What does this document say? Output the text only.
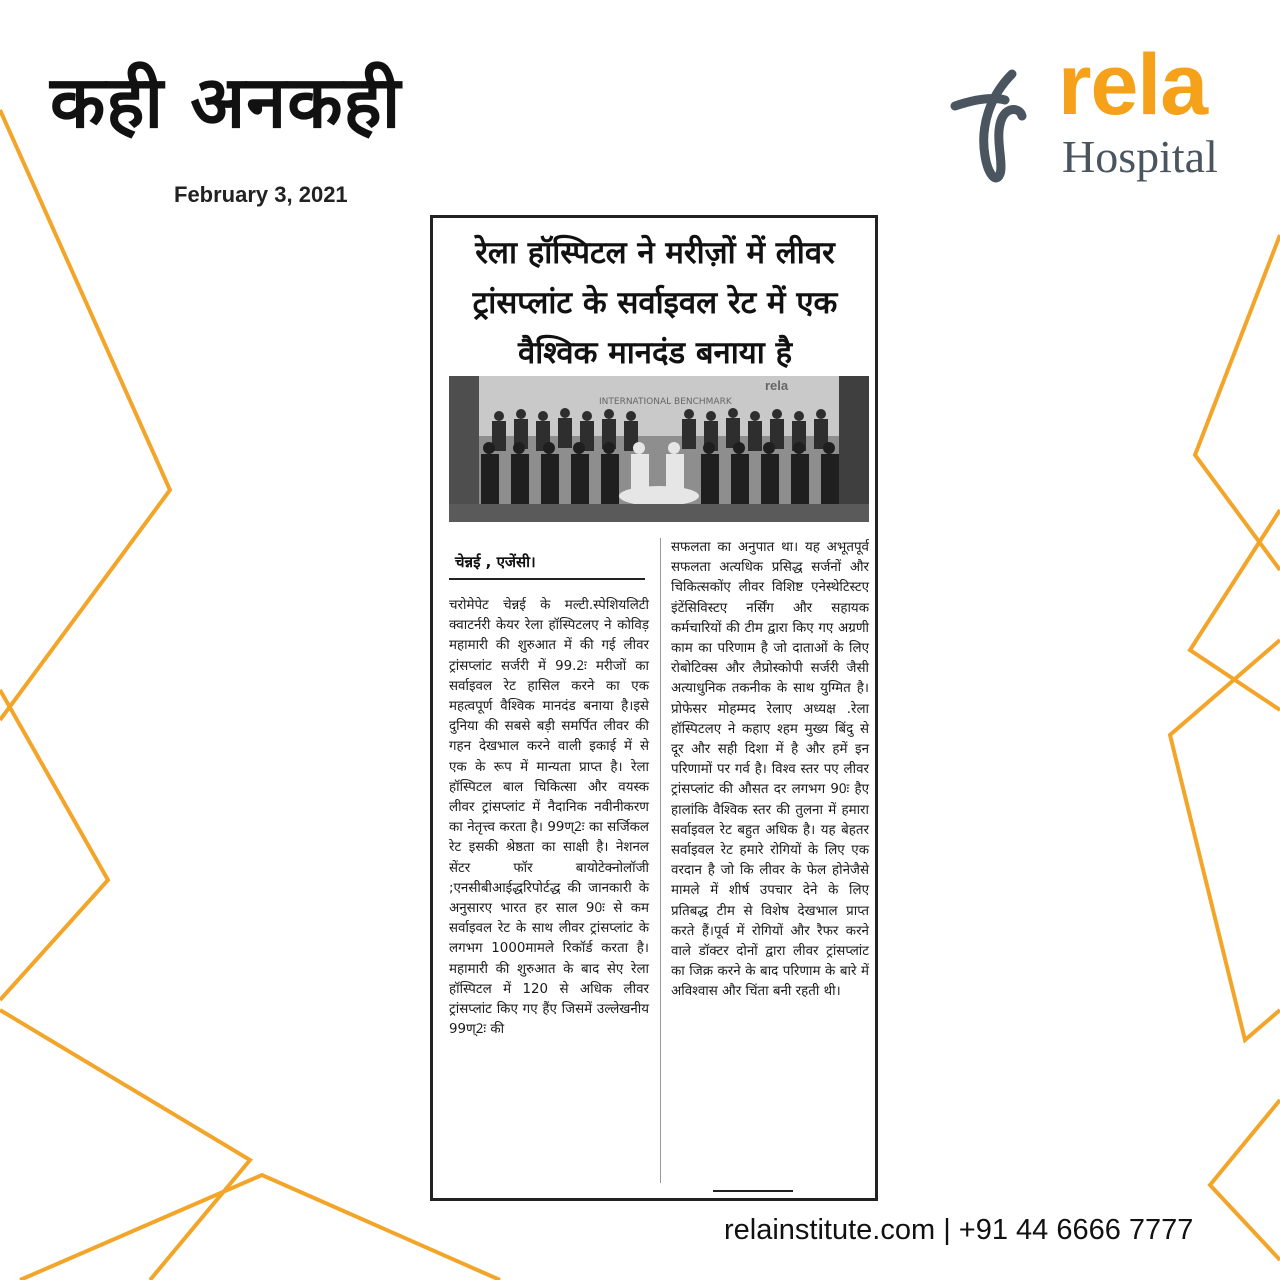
कही अनकही
February 3, 2021
rela
Hospital
रेला हॉस्पिटल ने मरीज़ों में लीवर ट्रांसप्लांट के सर्वाइवल रेट में एक वैश्विक मानदंड बनाया है
INTERNATIONAL BENCHMARK
rela
चेन्नई , एजेंसी।
चरोमेपेट चेन्नई के मल्टी.स्पेशियलिटी क्वाटर्नरी केयर रेला हॉस्पिटलए ने कोविड़ महामारी की शुरुआत में की गई लीवर ट्रांसप्लांट सर्जरी में 99.2ः मरीजों का सर्वाइवल रेट हासिल करने का एक महत्वपूर्ण वैश्विक मानदंड बनाया है।इसे दुनिया की सबसे बड़ी समर्पित लीवर की गहन देखभाल करने वाली इकाई में से एक के रूप में मान्यता प्राप्त है। रेला हॉस्पिटल बाल चिकित्सा और वयस्क लीवर ट्रांसप्लांट में नैदानिक नवीनीकरण का नेतृत्त्व करता है। 99ण्2ः का सर्जिकल रेट इसकी श्रेष्ठता का साक्षी है। नेशनल सेंटर फॉर बायोटेक्नोलॉजी ;एनसीबीआईद्धरिपोर्टद्ध की जानकारी के अनुसारए भारत हर साल 90ः से कम सर्वाइवल रेट के साथ लीवर ट्रांसप्लांट के लगभग 1000मामले रिकॉर्ड करता है। महामारी की शुरुआत के बाद सेए रेला हॉस्पिटल में 120 से अधिक लीवर ट्रांसप्लांट किए गए हैंए जिसमें उल्लेखनीय 99ण्2ः की
सफलता का अनुपात था। यह अभूतपूर्व सफलता अत्यधिक प्रसिद्ध सर्जनों और चिकित्सकोंए लीवर विशिष्ट एनेस्थेटिस्टए इंटेंसिविस्टए नर्सिंग और सहायक कर्मचारियों की टीम द्वारा किए गए अग्रणी काम का परिणाम है जो दाताओं के लिए रोबोटिक्स और लैप्रोस्कोपी सर्जरी जैसी अत्याधुनिक तकनीक के साथ युग्मित है।प्रोफेसर मोहम्मद रेलाए अध्यक्ष .रेला हॉस्पिटलए ने कहाए श्हम मुख्य बिंदु से दूर और सही दिशा में है और हमें इन परिणामों पर गर्व है। विश्व स्तर पए लीवर ट्रांसप्लांट की औसत दर लगभग 90ः हैए हालांकि वैश्विक स्तर की तुलना में हमारा सर्वाइवल रेट बहुत अधिक है। यह बेहतर सर्वाइवल रेट हमारे रोगियों के लिए एक वरदान है जो कि लीवर के फेल होनेजैसे मामले में शीर्ष उपचार देने के लिए प्रतिबद्ध टीम से विशेष देखभाल प्राप्त करते हैं।पूर्व में रोगियों और रैफर करने वाले डॉक्टर दोनों द्वारा लीवर ट्रांसप्लांट का जिक्र करने के बाद परिणाम के बारे में अविश्वास और चिंता बनी रहती थी।
relainstitute.com | +91 44 6666 7777
